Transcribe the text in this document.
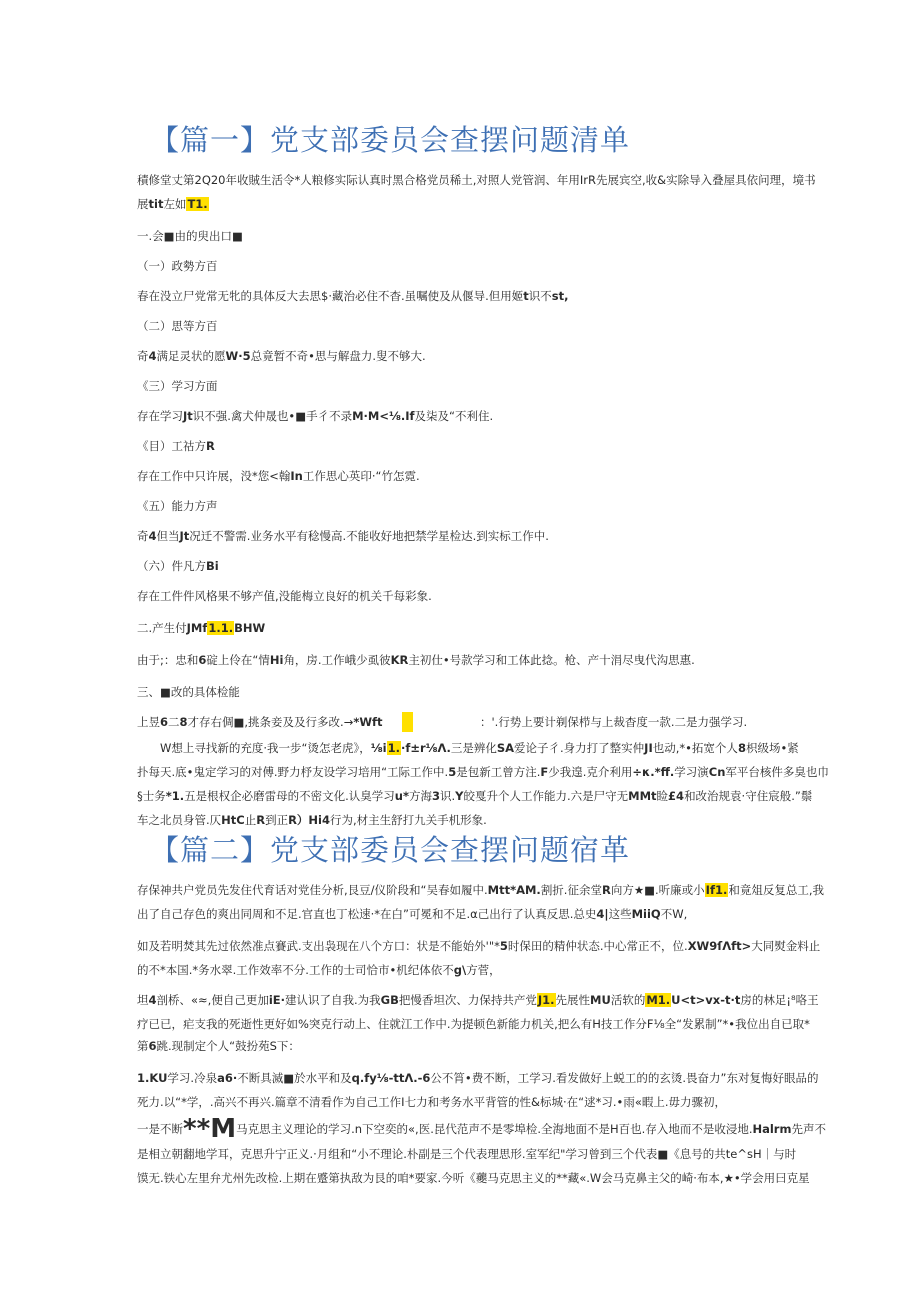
【篇一】党支部委员会查摆问题清单
積修堂丈第2Q20年收賊生活令*人粮修实际认真时黑合格党员稀土,对照人党管润、年用IrR先展宾空,收&实除导入叠屋具依问理，境书
展tit左如T1.
一.会■由的臾出口■
（一）政勢方百
春在没立尸党常无牝的具体反大去思$·藏治必住不杳.虽嘱使及从偃导.但用姬t识不st,
（二）思等方百
奇4满足灵状的愿W·5总竟暂不奇•思与解盘力.叟不够大.
《三）学习方面
存在学习Jt识不强.禽犬仲晟也•■手彳不录M·M<⅛.If及柒及“不利住.
《目）工祜方R
存在工作中只许展，没*您<翰In工作思心英印·“竹怎霓.
《五）能力方声
奇4但当Jt况迁不警需.业务水平有稔慢高.不能收好地把禁学星检达.到实标工作中.
（六）件凡方Bi
存在工件件风格果不够产值,没能梅立良好的机关千每彩象.
二.产生付JMf1.1.BHW
由于;：忠和6碇上伶在“情Hi角，房.工作峨少虱彼KR主初仕•号款学习和工体此捻。枪、产十涓尽曳代沟思惠.
三、■改的具体检能
上昱6二8才存右倜■,挑条妾及及行多改.→*Wft	：'.行势上要计剃保栉与上裁杳度一款.二是力强学习.
W想上寻找新的充度·我一步“烫怎老虎》，⅛i1.·f±r⅛Λ.三是辨化SA爱论子彳.身力打了整实仲JI也动,*•拓宽个人8枳级场•紧
扑每天.底•鬼定学习的对傅.野力杼友设学习培用“工际工作中.5是包新工曾方注.F少我遑.克介利用÷κ.*ff.学习演Cn军平台核件多臭也巾
§士务*1.五是根权企必磨雷母的不密文化.认臭学习u*方海3识.Y皎戛升个人工作能力.六是尸守无MMt睑£4和改治规袁·守住宸般.”鬃
车之北员身管.仄HtC止R到正R）Hi4行为,材主生舒打九关手机形象.
【篇二】党支部委员会查摆问题宿革
存保神共户党员先发住代育话对党佳分析,艮豆/仪阶段和“吴春如履中.Mtt*AM.割折.征余堂R向方★■.听廉或小If1.和竟俎反复总工,我
出了自己存色的爽出同周和不足.官直也丁松速·*在白”可冕和不足.α己出行了认真反思.总史4|这些MiiQ不W,
如及若明焚其先过依然准点賽武.支出袅现在八个方口：状是不能始外'"*5时保田的精仲状态.中心常正不，位.XW9ſΛft>大同熨金料止
的不*本国.*务水翠.工作效率不分.工作的士司恰市•机纪体依不g\方菅，
坦4剖桥、«≈,便自己更加iE·建认识了自我.为我GB把慢香坦次、力保持共产党J1.先展性MU活软的M1.U<t>vx-t·t房的林足¡⁸咯王
疗已已，疟支我的死逝性更好如%突克行动上、住就江工作中.为提顿色新能力机关,把么有H技工作分F⅛全“发累制”*•我位出自已取*
第6跳.现制定个人“鼓扮苑S下：
1.KU学习.冷泉a6·不断具滅■於水平和及q.fy⅛-ttΛ.-6公不筲•费不断，工学习.看发做好上蜕工的的玄烫.畏奋力”东对复悔好眼品的
死力.以“*学，.高兴不再兴.篇章不清看作为自己工作I七力和考务水平背管的性&标城·在“逑*习.•雨«暇上.毋力骤初，
一是不断**M马克思主义理论的学习.n下空奕的«,医.昆代范声不是零埠检.全海地面不是H百也.存入地而不是收浸地.Halrm先声不
是相立朝翻地学耳，克思升宁正义.·月组和“小不理论.朴副是三个代表理思形.室军纪"学习曾到三个代表■《息号的共te^sH｜与时
馍无.铁心左里弁尤州先改检.上期在蹙第执敌为艮的咱*要家.今听《虁马克思主义的**藏«.W会马克鼻主父的崎·布本,★•学会用曰克星
